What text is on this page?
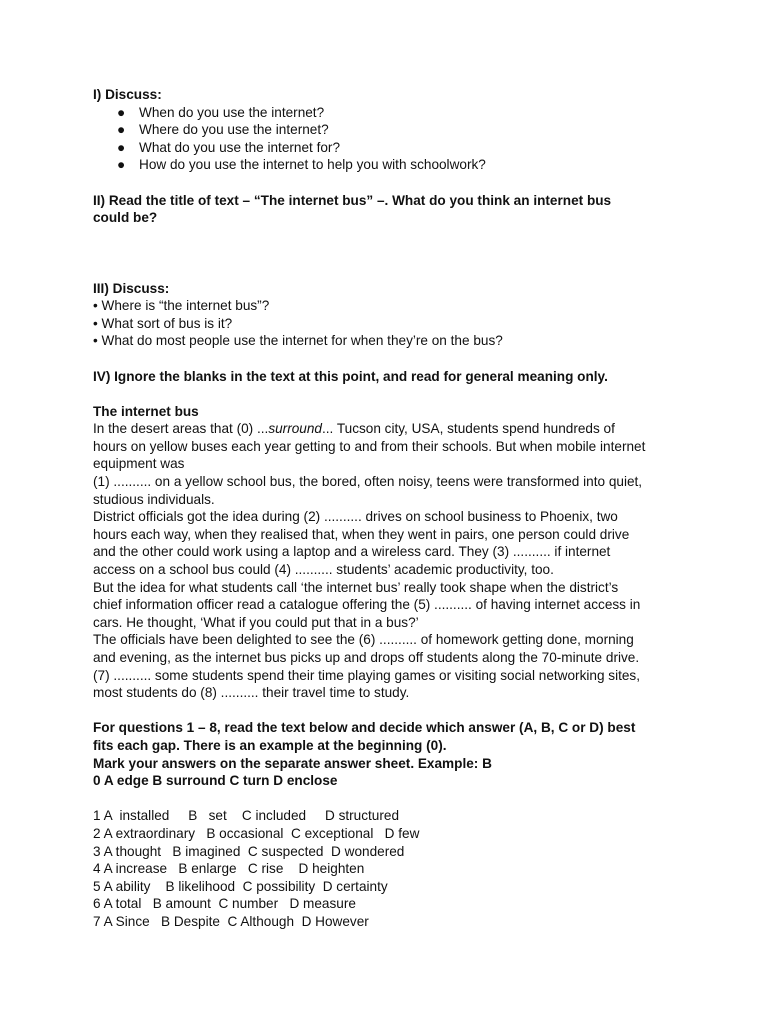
I) Discuss:
● When do you use the internet?
● Where do you use the internet?
● What do you use the internet for?
● How do you use the internet to help you with schoolwork?
II) Read the title of text – “The internet bus” –. What do you think an internet bus
could be?
III) Discuss:
• Where is “the internet bus”?
• What sort of bus is it?
• What do most people use the internet for when they’re on the bus?
IV) Ignore the blanks in the text at this point, and read for general meaning only.
The internet bus
In the desert areas that (0) ...surround... Tucson city, USA, students spend hundreds of
hours on yellow buses each year getting to and from their schools. But when mobile internet
equipment was
(1) .......... on a yellow school bus, the bored, often noisy, teens were transformed into quiet,
studious individuals.
District officials got the idea during (2) .......... drives on school business to Phoenix, two
hours each way, when they realised that, when they went in pairs, one person could drive
and the other could work using a laptop and a wireless card. They (3) .......... if internet
access on a school bus could (4) .......... students’ academic productivity, too.
But the idea for what students call ‘the internet bus’ really took shape when the district’s
chief information officer read a catalogue offering the (5) .......... of having internet access in
cars. He thought, ‘What if you could put that in a bus?’
The officials have been delighted to see the (6) .......... of homework getting done, morning
and evening, as the internet bus picks up and drops off students along the 70-minute drive.
(7) .......... some students spend their time playing games or visiting social networking sites,
most students do (8) .......... their travel time to study.
For questions 1 – 8, read the text below and decide which answer (A, B, C or D) best
fits each gap. There is an example at the beginning (0).
Mark your answers on the separate answer sheet. Example: B
0 A edge B surround C turn D enclose
1 A  installed     B   set    C included     D structured
2 A extraordinary   B occasional  C exceptional   D few
3 A thought   B imagined  C suspected  D wondered
4 A increase   B enlarge   C rise    D heighten
5 A ability    B likelihood  C possibility  D certainty
6 A total   B amount  C number   D measure
7 A Since   B Despite  C Although  D However
